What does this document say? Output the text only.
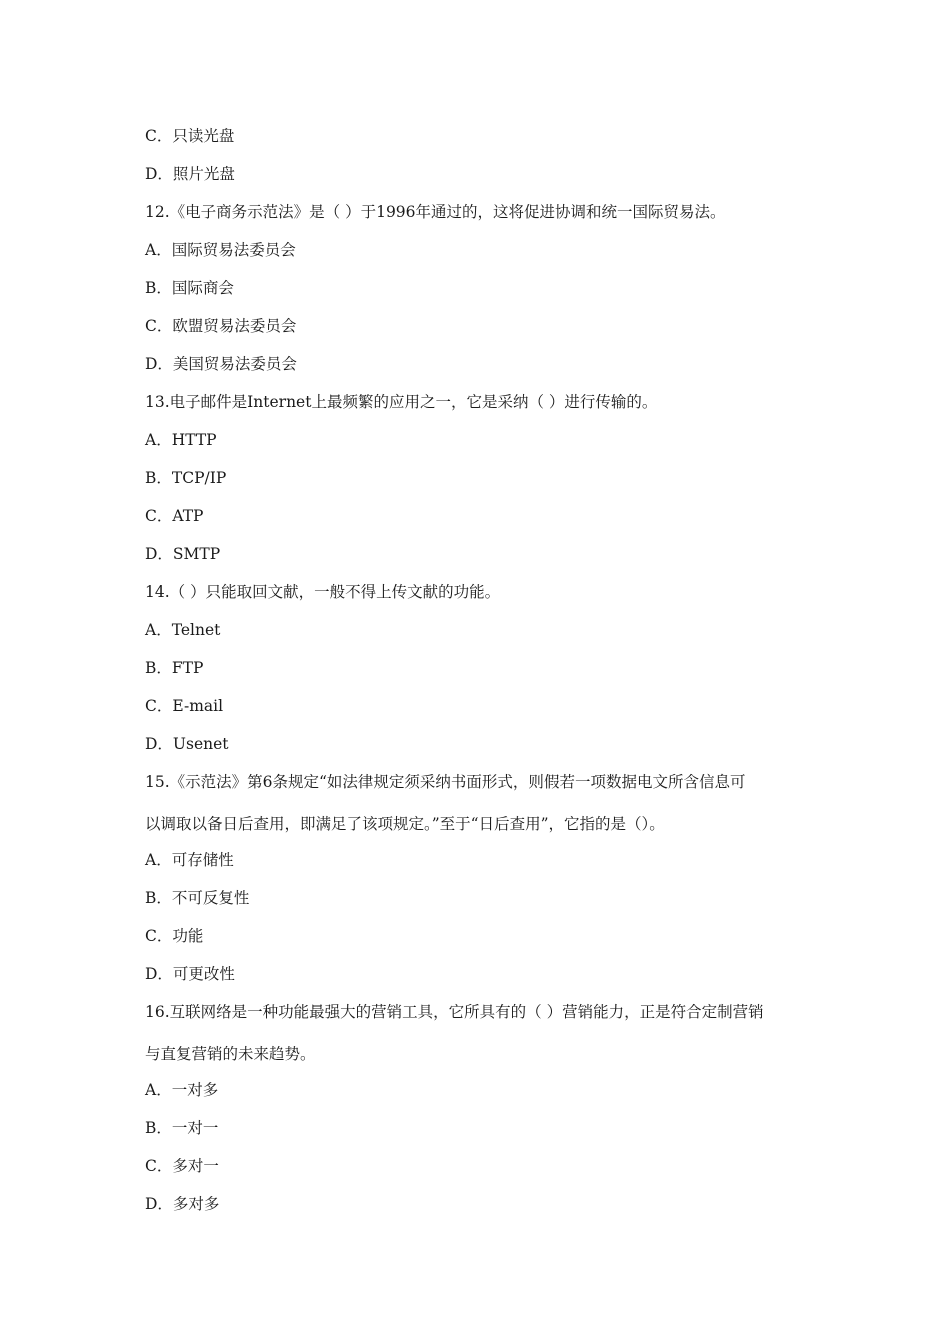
C．只读光盘
D．照片光盘
12.《电子商务示范法》是（ ）于1996年通过的，这将促进协调和统一国际贸易法。
A．国际贸易法委员会
B．国际商会
C．欧盟贸易法委员会
D．美国贸易法委员会
13.电子邮件是Internet上最频繁的应用之一，它是采纳（ ）进行传输的。
A．HTTP
B．TCP/IP
C．ATP
D．SMTP
14.（ ）只能取回文献，一般不得上传文献的功能。
A．Telnet
B．FTP
C．E-mail
D．Usenet
15.《示范法》第6条规定“如法律规定须采纳书面形式，则假若一项数据电文所含信息可
以调取以备日后查用，即满足了该项规定。”至于“日后查用”，它指的是（）。
A．可存储性
B．不可反复性
C．功能
D．可更改性
16.互联网络是一种功能最强大的营销工具，它所具有的（ ）营销能力，正是符合定制营销
与直复营销的未来趋势。
A．一对多
B．一对一
C．多对一
D．多对多
